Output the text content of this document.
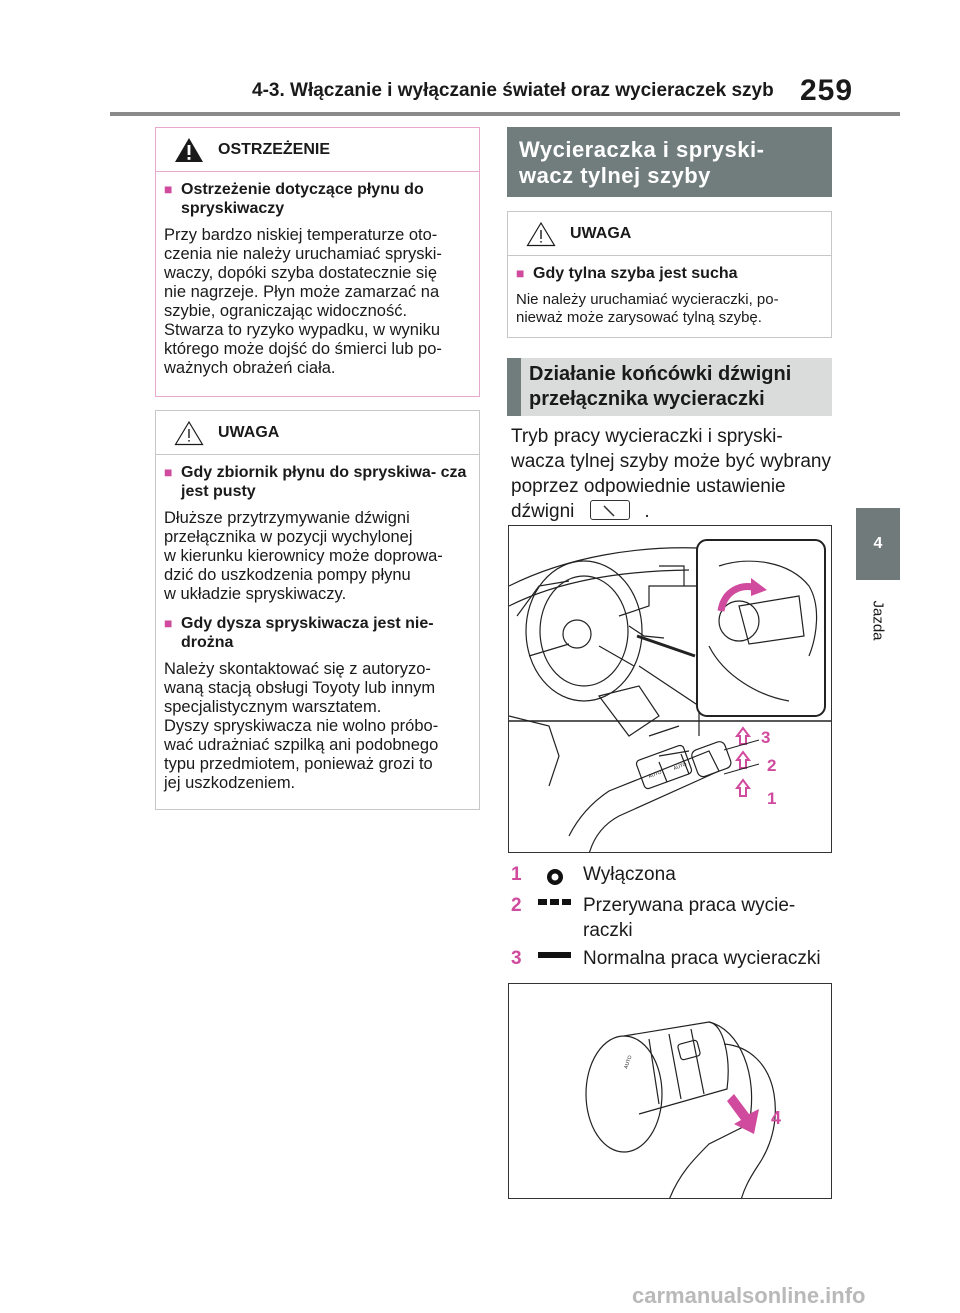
4-3. Włączanie i wyłączanie świateł oraz wycieraczek szyb 259
4
Jazda
OSTRZEŻENIE
■ Ostrzeżenie dotyczące płynu do spryskiwaczy
Przy bardzo niskiej temperaturze oto-
czenia nie należy uruchamiać spryski-
waczy, dopóki szyba dostatecznie się
nie nagrzeje. Płyn może zamarzać na
szybie, ograniczając widoczność.
Stwarza to ryzyko wypadku, w wyniku
którego może dojść do śmierci lub po-
ważnych obrażeń ciała.
UWAGA
■ Gdy zbiornik płynu do spryskiwa- cza jest pusty
Dłuższe przytrzymywanie dźwigni
przełącznika w pozycji wychylonej
w kierunku kierownicy może doprowa-
dzić do uszkodzenia pompy płynu
w układzie spryskiwaczy.
■ Gdy dysza spryskiwacza jest nie- drożna
Należy skontaktować się z autoryzo-
waną stacją obsługi Toyoty lub innym
specjalistycznym warsztatem.
Dyszy spryskiwacza nie wolno próbo-
wać udrażniać szpilką ani podobnego
typu przedmiotem, ponieważ grozi to
jej uszkodzeniem.
Wycieraczka i spryski-
wacz tylnej szyby
UWAGA
■ Gdy tylna szyba jest sucha
Nie należy uruchamiać wycieraczki, po-
nieważ może zarysować tylną szybę.
Działanie końcówki dźwigni
przełącznika wycieraczki
Tryb pracy wycieraczki i spryski- wacza tylnej szyby może być wybrany poprzez odpowiednie ustawienie dźwigni	.
AUTO
AUTO
3
2
1
1	Wyłączona
2	Przerywana praca wycie- raczki
3	Normalna praca wycieraczki
AUTO
4
carmanualsonline.info
